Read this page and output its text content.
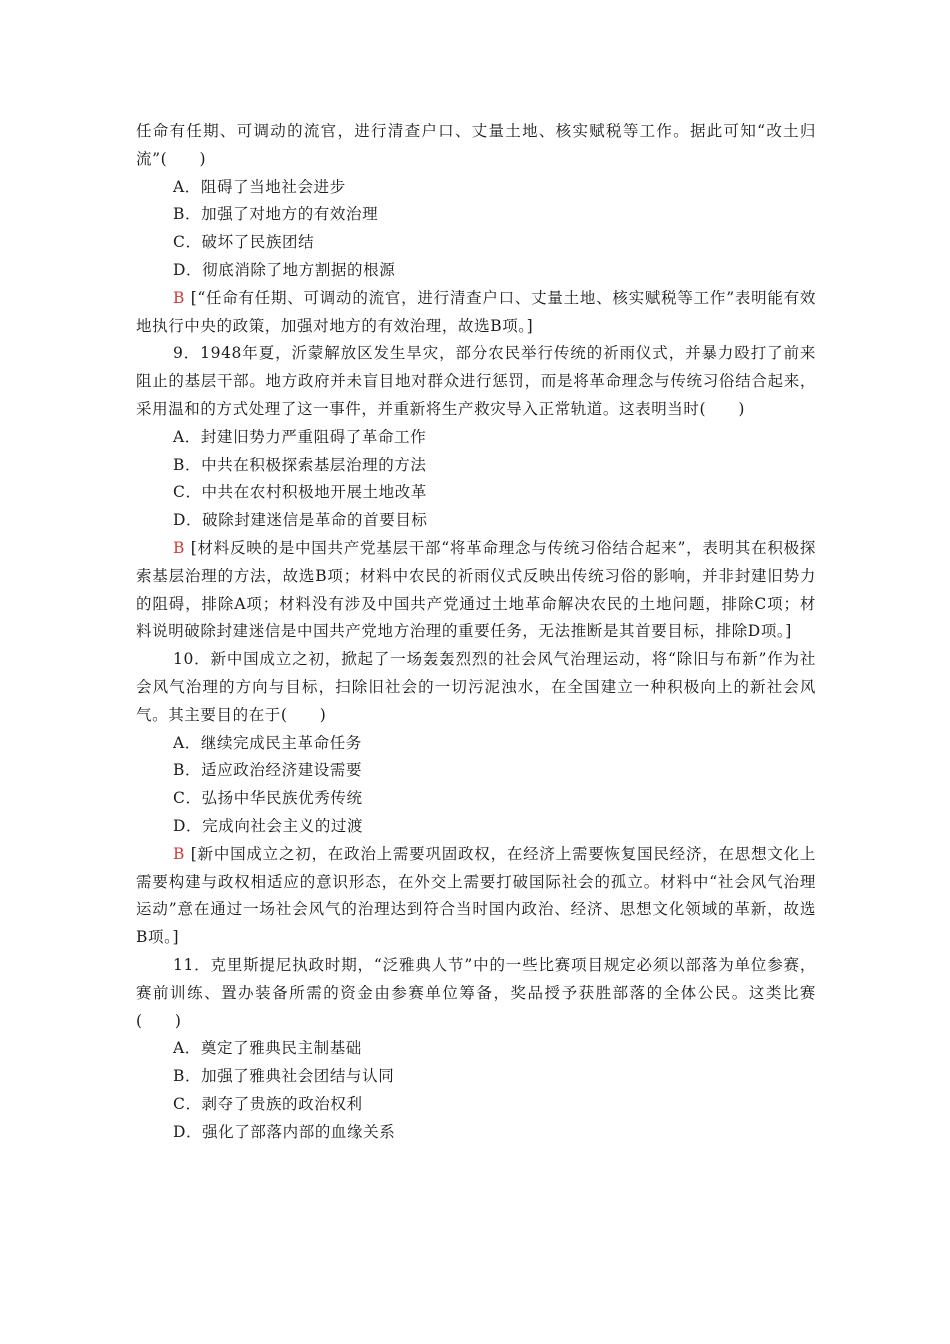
任命有任期、可调动的流官，进行清查户口、丈量土地、核实赋税等工作。据此可知“改土归流”(　　)

A．阻碍了当地社会进步

B．加强了对地方的有效治理

C．破坏了民族团结

D．彻底消除了地方割据的根源

B [“任命有任期、可调动的流官，进行清查户口、丈量土地、核实赋税等工作”表明能有效地执行中央的政策，加强对地方的有效治理，故选B项。]

9．1948年夏，沂蒙解放区发生旱灾，部分农民举行传统的祈雨仪式，并暴力殴打了前来阻止的基层干部。地方政府并未盲目地对群众进行惩罚，而是将革命理念与传统习俗结合起来，采用温和的方式处理了这一事件，并重新将生产救灾导入正常轨道。这表明当时(　　)

A．封建旧势力严重阻碍了革命工作

B．中共在积极探索基层治理的方法

C．中共在农村积极地开展土地改革

D．破除封建迷信是革命的首要目标

B [材料反映的是中国共产党基层干部“将革命理念与传统习俗结合起来”，表明其在积极探索基层治理的方法，故选B项；材料中农民的祈雨仪式反映出传统习俗的影响，并非封建旧势力的阻碍，排除A项；材料没有涉及中国共产党通过土地革命解决农民的土地问题，排除C项；材料说明破除封建迷信是中国共产党地方治理的重要任务，无法推断是其首要目标，排除D项。]

10．新中国成立之初，掀起了一场轰轰烈烈的社会风气治理运动，将“除旧与布新”作为社会风气治理的方向与目标，扫除旧社会的一切污泥浊水，在全国建立一种积极向上的新社会风气。其主要目的在于(　　)

A．继续完成民主革命任务

B．适应政治经济建设需要

C．弘扬中华民族优秀传统

D．完成向社会主义的过渡

B [新中国成立之初，在政治上需要巩固政权，在经济上需要恢复国民经济，在思想文化上需要构建与政权相适应的意识形态，在外交上需要打破国际社会的孤立。材料中“社会风气治理运动”意在通过一场社会风气的治理达到符合当时国内政治、经济、思想文化领域的革新，故选B项。]

11．克里斯提尼执政时期，“泛雅典人节”中的一些比赛项目规定必须以部落为单位参赛，赛前训练、置办装备所需的资金由参赛单位筹备，奖品授予获胜部落的全体公民。这类比赛(　　)

A．奠定了雅典民主制基础

B．加强了雅典社会团结与认同

C．剥夺了贵族的政治权利

D．强化了部落内部的血缘关系
